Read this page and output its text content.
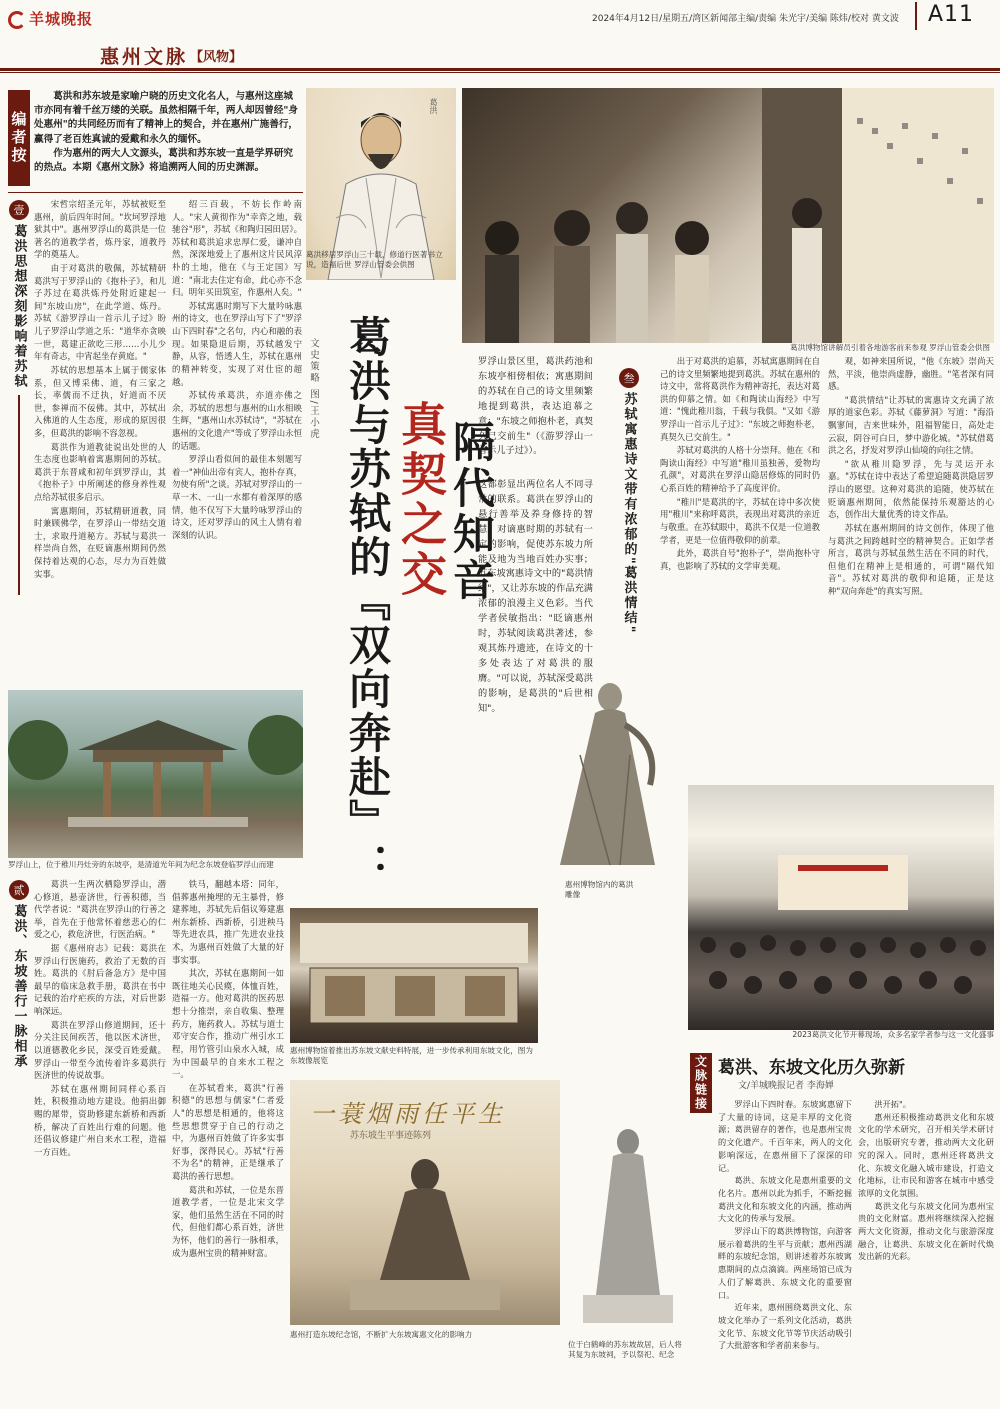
羊城晚报
惠州文脉 【风物】
2024年4月12日/星期五/湾区新闻部主编/责编 朱光宇/美编 陈炜/校对 黄文波 A11
编者按

葛洪和苏东坡是家喻户晓的历史文化名人，与惠州这座城市亦同有着千丝万缕的关联。虽然相隔千年，两人却因曾经"身处惠州"的共同经历而有了精神上的契合，并在惠州广施善行，赢得了老百姓真诚的爱戴和永久的缅怀。

作为惠州的两大人文源头，葛洪和苏东坡一直是学界研究的热点。本期《惠州文脉》将追溯两人间的历史渊源。

葛洪
葛洪移居罗浮山三十载，修道行医著书立说，造福后世 罗浮山管委会供图
葛洪博物馆讲解员引着各地游客前来参观 罗浮山管委会供图
壹
葛洪思想深刻影响着苏轼

宋哲宗绍圣元年，苏轼被贬至惠州，前后四年时间。"坎坷罗浮地狱其中"。惠州罗浮山的葛洪是一位著名的道教学者，炼丹家，道教丹学的奠基人。

由于对葛洪的敬佩，苏轼精研葛洪写于罗浮山的《抱朴子》，和儿子苏过在葛洪炼丹处附近建起一间"东坡山房"，在此学道、炼丹。苏轼《游罗浮山一首示儿子过》盼儿子罗浮山学道之乐："道华亦贪映一世，葛建正欲吃三形……小儿少年有奇志，中宵起坐存黄庭。"

苏轼的思想基本上属于儒家体系，但又博采佛、道，有三家之长，率儒而不迂执，好道而不厌世，参禅而不佞佛。其中，苏轼出入佛道的人生态度，形成的原因很多，但葛洪的影响不容忽视。

葛洪作为道教徒说出处世的人生态度也影响着寓惠期间的苏轼。葛洪于东晋咸和初年到罗浮山，其《抱朴子》中所阐述的修身养性观点给苏轼很多启示。

寓惠期间，苏轼精研道教，同时兼顾佛学，在罗浮山一带结交道士，求取丹道秘方。苏轼与葛洪一样崇尚自然，在贬谪惠州期间仍然保持着达观的心态，尽力为百姓做实事。

绍三百载，不妨长作岭南人。"宋人黄彻作为"幸弈之地，载驰谷"形"，苏轼《和陶归园田居》。苏轼和葛洪追求忠厚仁爱，谦冲自然，深深地爱上了惠州这片民风淳朴的土地，他在《与王定国》写道："南北去住定有命，此心亦不念归。明年买田筑室，作惠州人矣。"

苏轼寓惠时期写下大量吟咏惠州的诗文，也在罗浮山写下了"罗浮山下四时春"之名句，内心和融的表现。如果隐退后期，苏轼越发宁静，从容，悟透人生，苏轼在惠州的精神转变，实现了对仕宦的超越。

苏轼传承葛洪，亦道亦佛之余，苏轼的思想与惠州的山水相映生辉，"惠州山水苏轼诗"，"苏轼在惠州的文化遗产"等成了罗浮山永恒的话题。

罗浮山看似间的最佳本刻题写着一"神仙出帝有宾人，抱朴存真，勿使有所"之谈。苏轼对罗浮山的一草一木、一山一水都有着深厚的感情，他不仅写下大量吟咏罗浮山的诗文，还对罗浮山的风土人情有着深刻的认识。

文史策略 图/王小虎 葛洪与苏轼的『双向奔赴』： 真契之交 隔代知音
罗浮山景区里，葛洪药池和东坡亭相傍相依；寓惠期间的苏轼在自己的诗文里频繁地提到葛洪，表达追慕之意："东坡之师抱朴老，真契久已交前生"（《游罗浮山一首示儿子过》）。
这都彰显出两位名人不同寻常的联系。葛洪在罗浮山的悬行善举及养身修持的智慧，对谪惠时期的苏轼有一定的影响，促使苏东坡力所能及地为当地百姓办实事；苏东坡寓惠诗文中的"葛洪情结"，又让苏东坡的作品充满浓郁的浪漫主义色彩。当代学者侯敏指出："眨谪惠州时，苏轼阅读葛洪著述，参观其炼丹遗迹，在诗文的十多处表达了对葛洪的服膺。"可以说，苏轼深受葛洪的影响，是葛洪的"后世相知"。
叁
苏轼寓惠诗文带有浓郁的"葛洪情结"

出于对葛洪的追慕，苏轼寓惠期间在自己的诗文里频繁地提到葛洪。苏轼在惠州的诗文中，常将葛洪作为精神寄托，表达对葛洪的仰慕之情。如《和陶读山海经》中写道："愧此稚川翁，千载与我俱。"又如《游罗浮山一首示儿子过》："东坡之师抱朴老，真契久已交前生。"

苏轼对葛洪的人格十分崇拜。他在《和陶读山海经》中写道"稚川虽独善，爱物均孔颜"，对葛洪在罗浮山隐居修炼的同时仍心系百姓的精神给予了高度评价。

"稚川"是葛洪的字，苏轼在诗中多次使用"稚川"来称呼葛洪，表现出对葛洪的亲近与敬重。在苏轼眼中，葛洪不仅是一位道教学者，更是一位值得敬仰的前辈。

此外，葛洪自号"抱朴子"，崇尚抱朴守真，也影响了苏轼的文学审美观。

观，如神来国所说，"他《东坡》崇尚天然，平淡，他崇尚虚静，幽胜。"笔者深有同感。

"葛洪情结"让苏轼的寓惠诗文充满了浓厚的道家色彩。苏轼《藤萝洞》写道："海沿飘寥间，吉来世味外，阻福智能日，高处走云寂，阴谷可白日，梦中游化城。"苏轼借葛洪之名，抒发对罗浮山仙境的向往之情。

"欲从稚川隐罗浮，先与灵运开永嘉。"苏轼在诗中表达了希望追随葛洪隐居罗浮山的愿望。这种对葛洪的追随，使苏轼在贬谪惠州期间，依然能保持乐观豁达的心态，创作出大量优秀的诗文作品。

苏轼在惠州期间的诗文创作，体现了他与葛洪之间跨越时空的精神契合。正如学者所言，葛洪与苏轼虽然生活在不同的时代，但他们在精神上是相通的，可谓"隔代知音"。苏轼对葛洪的敬仰和追随，正是这种"双向奔赴"的真实写照。

罗浮山上，位于稚川丹灶旁的东坡亭，是清道光年间为纪念东坡登临罗浮山而建
惠州博物馆内的葛洪雕像
2023葛洪文化节开幕现场，众多名家学者参与这一文化盛事
贰
葛洪、东坡善行一脉相承

葛洪一生两次栖隐罗浮山，潜心修道，悬壶济世，行善积德，当代学者说："葛洪在罗浮山的行善之举，首先在于他常怀着慈悲心的仁爱之心，救危济世，行医治病。"

据《惠州府志》记载：葛洪在罗浮山行医施药，救治了无数的百姓。葛洪的《肘后备急方》是中国最早的临床急救手册，葛洪在书中记载的治疗疟疾的方法，对后世影响深远。

葛洪在罗浮山修道期间，还十分关注民间疾苦，他以医术济世，以道德教化乡民，深受百姓爱戴。罗浮山一带至今流传着许多葛洪行医济世的传说故事。

苏轼在惠州期间同样心系百姓，积极推动地方建设。他捐出御赐的犀带，资助修建东新桥和西新桥，解决了百姓出行难的问题。他还倡议修建广州自来水工程，造福一方百姓。

铁马，翻越本塔：同年，倡葬惠州掩埋的无主暴骨，修建葬地，苏轼先后倡议筹建惠州东新桥、西新桥，引进秧马等先进农具，推广先进农业技术，为惠州百姓做了大量的好事实事。

其次，苏轼在惠期间一如既往地关心民瘼，体恤百姓，造福一方。他对葛洪的医药思想十分推崇，亲自收集、整理药方，施药救人。苏轼与道士邓守安合作，推动广州引水工程，用竹管引山泉水入城，成为中国最早的自来水工程之一。

在苏轼看来，葛洪"行善积德"的思想与儒家"仁者爱人"的思想是相通的，他将这些思想贯穿于自己的行动之中，为惠州百姓做了许多实事好事，深得民心。苏轼"行善不为名"的精神，正是继承了葛洪的善行思想。

葛洪和苏轼，一位是东晋道教学者，一位是北宋文学家，他们虽然生活在不同的时代，但他们都心系百姓，济世为怀，他们的善行一脉相承，成为惠州宝贵的精神财富。

惠州博物馆着推出苏东坡文献史料特展，进一步传承利用东坡文化，图为东坡像展览
一蓑烟雨任平生
苏东坡生平事迹陈列
惠州打造东坡纪念馆，不断扩大东坡寓惠文化的影响力
位于白鹤峰的苏东坡故居，后人将其复为东坡祠，予以祭祀、纪念
文脉链接 葛洪、东坡文化历久弥新
文/羊城晚报记者 李海婵

罗浮山下四时春。东坡寓惠留下了大量的诗词，这是丰厚的文化资源；葛洪留存的著作，也是惠州宝贵的文化遗产。千百年来，两人的文化影响深远，在惠州留下了深深的印记。

葛洪、东坡文化是惠州重要的文化名片。惠州以此为抓手，不断挖掘葛洪文化和东坡文化的内涵，推动两大文化的传承与发展。

罗浮山下的葛洪博物馆，向游客展示着葛洪的生平与贡献；惠州西湖畔的东坡纪念馆，则讲述着苏东坡寓惠期间的点点滴滴。两座场馆已成为人们了解葛洪、东坡文化的重要窗口。

近年来，惠州围绕葛洪文化、东坡文化举办了一系列文化活动，葛洪文化节、东坡文化节等节庆活动吸引了大批游客和学者前来参与。

洪开拓"。

惠州还积极推动葛洪文化和东坡文化的学术研究，召开相关学术研讨会，出版研究专著，推动两大文化研究的深入。同时，惠州还将葛洪文化、东坡文化融入城市建设，打造文化地标，让市民和游客在城市中感受浓厚的文化氛围。

葛洪文化与东坡文化同为惠州宝贵的文化财富。惠州将继续深入挖掘两大文化资源，推动文化与旅游深度融合，让葛洪、东坡文化在新时代焕发出新的光彩。
